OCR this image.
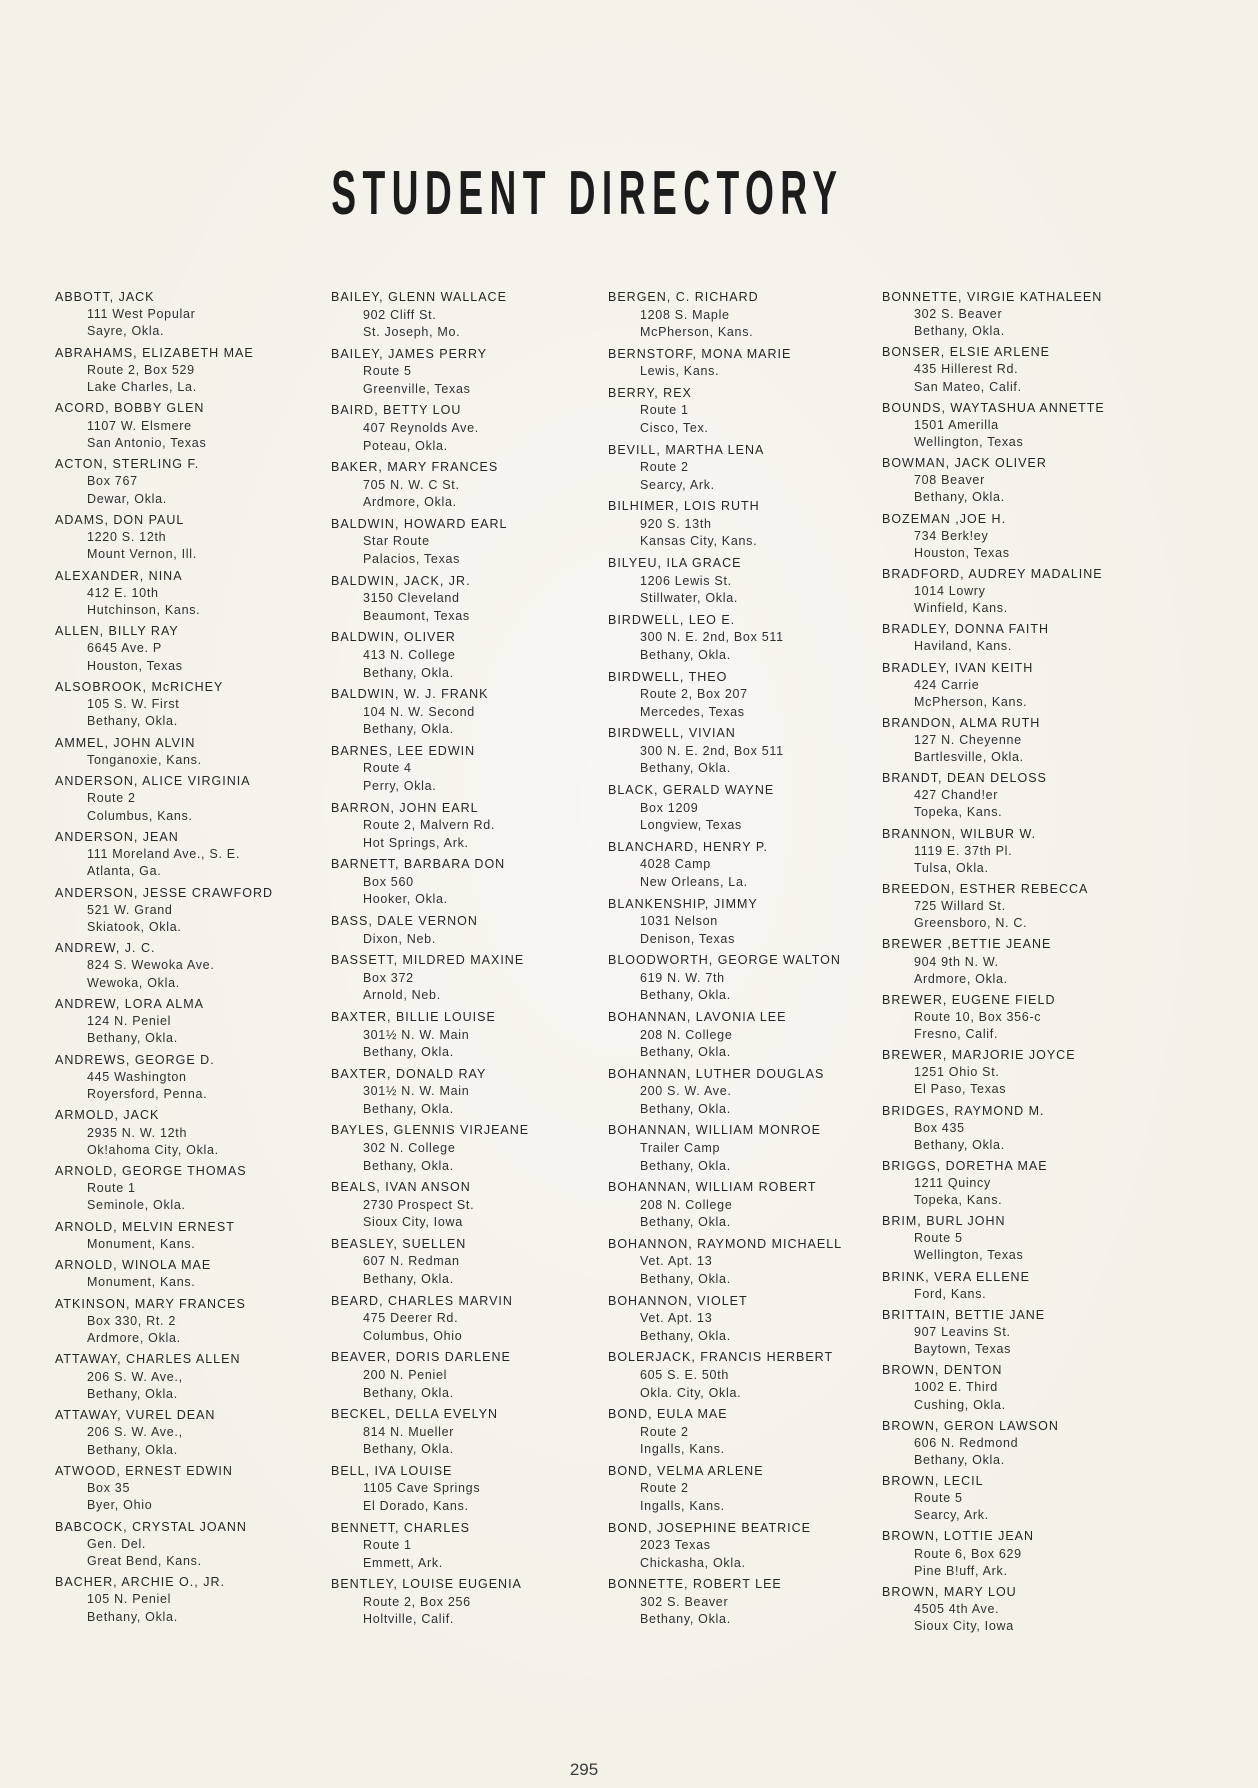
STUDENT DIRECTORY
ABBOTT, JACK
111 West Popular
Sayre, Okla.
ABRAHAMS, ELIZABETH MAE
Route 2, Box 529
Lake Charles, La.
ACORD, BOBBY GLEN
1107 W. Elsmere
San Antonio, Texas
ACTON, STERLING F.
Box 767
Dewar, Okla.
ADAMS, DON PAUL
1220 S. 12th
Mount Vernon, Ill.
ALEXANDER, NINA
412 E. 10th
Hutchinson, Kans.
ALLEN, BILLY RAY
6645 Ave. P
Houston, Texas
ALSOBROOK, McRICHEY
105 S. W. First
Bethany, Okla.
AMMEL, JOHN ALVIN
Tonganoxie, Kans.
ANDERSON, ALICE VIRGINIA
Route 2
Columbus, Kans.
ANDERSON, JEAN
111 Moreland Ave., S. E.
Atlanta, Ga.
ANDERSON, JESSE CRAWFORD
521 W. Grand
Skiatook, Okla.
ANDREW, J. C.
824 S. Wewoka Ave.
Wewoka, Okla.
ANDREW, LORA ALMA
124 N. Peniel
Bethany, Okla.
ANDREWS, GEORGE D.
445 Washington
Royersford, Penna.
ARMOLD, JACK
2935 N. W. 12th
Ok!ahoma City, Okla.
ARNOLD, GEORGE THOMAS
Route 1
Seminole, Okla.
ARNOLD, MELVIN ERNEST
Monument, Kans.
ARNOLD, WINOLA MAE
Monument, Kans.
ATKINSON, MARY FRANCES
Box 330, Rt. 2
Ardmore, Okla.
ATTAWAY, CHARLES ALLEN
206 S. W. Ave.,
Bethany, Okla.
ATTAWAY, VUREL DEAN
206 S. W. Ave.,
Bethany, Okla.
ATWOOD, ERNEST EDWIN
Box 35
Byer, Ohio
BABCOCK, CRYSTAL JOANN
Gen. Del.
Great Bend, Kans.
BACHER, ARCHIE O., JR.
105 N. Peniel
Bethany, Okla.
BAILEY, GLENN WALLACE
902 Cliff St.
St. Joseph, Mo.
BAILEY, JAMES PERRY
Route 5
Greenville, Texas
BAIRD, BETTY LOU
407 Reynolds Ave.
Poteau, Okla.
BAKER, MARY FRANCES
705 N. W. C St.
Ardmore, Okla.
BALDWIN, HOWARD EARL
Star Route
Palacios, Texas
BALDWIN, JACK, JR.
3150 Cleveland
Beaumont, Texas
BALDWIN, OLIVER
413 N. College
Bethany, Okla.
BALDWIN, W. J. FRANK
104 N. W. Second
Bethany, Okla.
BARNES, LEE EDWIN
Route 4
Perry, Okla.
BARRON, JOHN EARL
Route 2, Malvern Rd.
Hot Springs, Ark.
BARNETT, BARBARA DON
Box 560
Hooker, Okla.
BASS, DALE VERNON
Dixon, Neb.
BASSETT, MILDRED MAXINE
Box 372
Arnold, Neb.
BAXTER, BILLIE LOUISE
301½ N. W. Main
Bethany, Okla.
BAXTER, DONALD RAY
301½ N. W. Main
Bethany, Okla.
BAYLES, GLENNIS VIRJEANE
302 N. College
Bethany, Okla.
BEALS, IVAN ANSON
2730 Prospect St.
Sioux City, Iowa
BEASLEY, SUELLEN
607 N. Redman
Bethany, Okla.
BEARD, CHARLES MARVIN
475 Deerer Rd.
Columbus, Ohio
BEAVER, DORIS DARLENE
200 N. Peniel
Bethany, Okla.
BECKEL, DELLA EVELYN
814 N. Mueller
Bethany, Okla.
BELL, IVA LOUISE
1105 Cave Springs
El Dorado, Kans.
BENNETT, CHARLES
Route 1
Emmett, Ark.
BENTLEY, LOUISE EUGENIA
Route 2, Box 256
Holtville, Calif.
BERGEN, C. RICHARD
1208 S. Maple
McPherson, Kans.
BERNSTORF, MONA MARIE
Lewis, Kans.
BERRY, REX
Route 1
Cisco, Tex.
BEVILL, MARTHA LENA
Route 2
Searcy, Ark.
BILHIMER, LOIS RUTH
920 S. 13th
Kansas City, Kans.
BILYEU, ILA GRACE
1206 Lewis St.
Stillwater, Okla.
BIRDWELL, LEO E.
300 N. E. 2nd, Box 511
Bethany, Okla.
BIRDWELL, THEO
Route 2, Box 207
Mercedes, Texas
BIRDWELL, VIVIAN
300 N. E. 2nd, Box 511
Bethany, Okla.
BLACK, GERALD WAYNE
Box 1209
Longview, Texas
BLANCHARD, HENRY P.
4028 Camp
New Orleans, La.
BLANKENSHIP, JIMMY
1031 Nelson
Denison, Texas
BLOODWORTH, GEORGE WALTON
619 N. W. 7th
Bethany, Okla.
BOHANNAN, LAVONIA LEE
208 N. College
Bethany, Okla.
BOHANNAN, LUTHER DOUGLAS
200 S. W. Ave.
Bethany, Okla.
BOHANNAN, WILLIAM MONROE
Trailer Camp
Bethany, Okla.
BOHANNAN, WILLIAM ROBERT
208 N. College
Bethany, Okla.
BOHANNON, RAYMOND MICHAELL
Vet. Apt. 13
Bethany, Okla.
BOHANNON, VIOLET
Vet. Apt. 13
Bethany, Okla.
BOLERJACK, FRANCIS HERBERT
605 S. E. 50th
Okla. City, Okla.
BOND, EULA MAE
Route 2
Ingalls, Kans.
BOND, VELMA ARLENE
Route 2
Ingalls, Kans.
BOND, JOSEPHINE BEATRICE
2023 Texas
Chickasha, Okla.
BONNETTE, ROBERT LEE
302 S. Beaver
Bethany, Okla.
BONNETTE, VIRGIE KATHALEEN
302 S. Beaver
Bethany, Okla.
BONSER, ELSIE ARLENE
435 Hillerest Rd.
San Mateo, Calif.
BOUNDS, WAYTASHUA ANNETTE
1501 Amerilla
Wellington, Texas
BOWMAN, JACK OLIVER
708 Beaver
Bethany, Okla.
BOZEMAN ,JOE H.
734 Berk!ey
Houston, Texas
BRADFORD, AUDREY MADALINE
1014 Lowry
Winfield, Kans.
BRADLEY, DONNA FAITH
Haviland, Kans.
BRADLEY, IVAN KEITH
424 Carrie
McPherson, Kans.
BRANDON, ALMA RUTH
127 N. Cheyenne
Bartlesville, Okla.
BRANDT, DEAN DELOSS
427 Chand!er
Topeka, Kans.
BRANNON, WILBUR W.
1119 E. 37th Pl.
Tulsa, Okla.
BREEDON, ESTHER REBECCA
725 Willard St.
Greensboro, N. C.
BREWER ,BETTIE JEANE
904 9th N. W.
Ardmore, Okla.
BREWER, EUGENE FIELD
Route 10, Box 356-c
Fresno, Calif.
BREWER, MARJORIE JOYCE
1251 Ohio St.
El Paso, Texas
BRIDGES, RAYMOND M.
Box 435
Bethany, Okla.
BRIGGS, DORETHA MAE
1211 Quincy
Topeka, Kans.
BRIM, BURL JOHN
Route 5
Wellington, Texas
BRINK, VERA ELLENE
Ford, Kans.
BRITTAIN, BETTIE JANE
907 Leavins St.
Baytown, Texas
BROWN, DENTON
1002 E. Third
Cushing, Okla.
BROWN, GERON LAWSON
606 N. Redmond
Bethany, Okla.
BROWN, LECIL
Route 5
Searcy, Ark.
BROWN, LOTTIE JEAN
Route 6, Box 629
Pine B!uff, Ark.
BROWN, MARY LOU
4505 4th Ave.
Sioux City, Iowa
295
